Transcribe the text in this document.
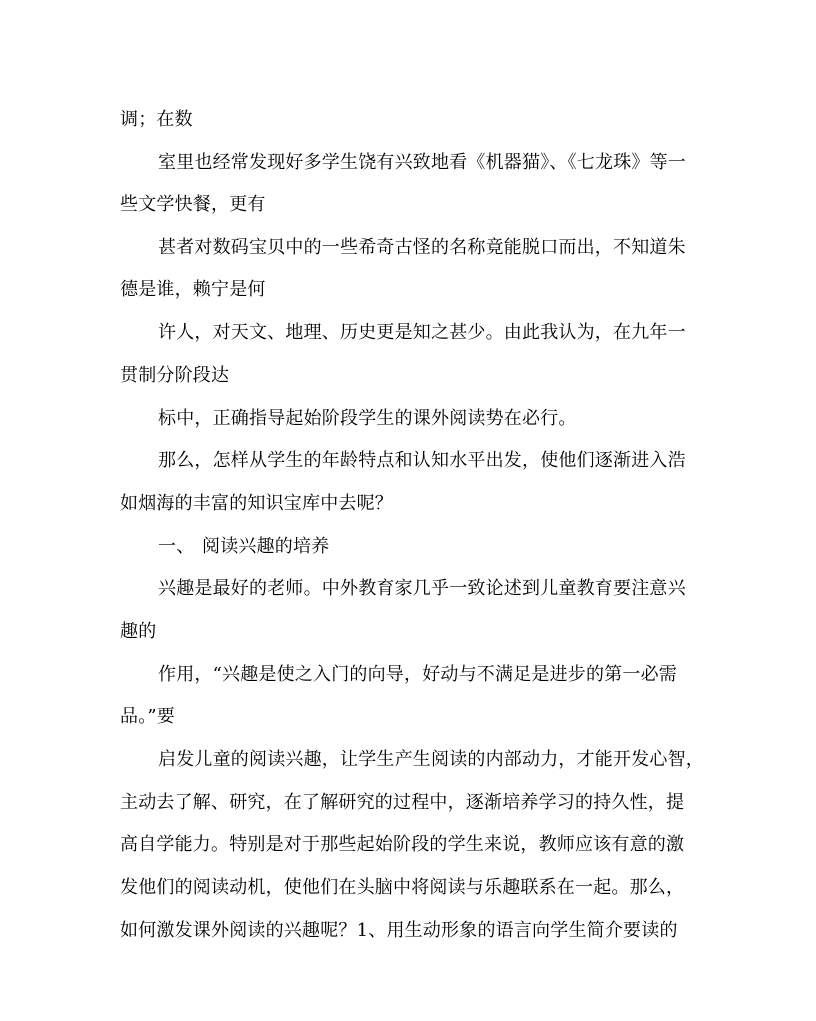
调；在数
室里也经常发现好多学生饶有兴致地看《机器猫》、《七龙珠》等一
些文学快餐，更有
甚者对数码宝贝中的一些希奇古怪的名称竟能脱口而出，不知道朱
德是谁，赖宁是何
许人，对天文、地理、历史更是知之甚少。由此我认为，在九年一
贯制分阶段达
标中，正确指导起始阶段学生的课外阅读势在必行。
那么，怎样从学生的年龄特点和认知水平出发，使他们逐渐进入浩
如烟海的丰富的知识宝库中去呢？
一、 阅读兴趣的培养
兴趣是最好的老师。中外教育家几乎一致论述到儿童教育要注意兴
趣的
作用，“兴趣是使之入门的向导，好动与不满足是进步的第一必需
品。”要
启发儿童的阅读兴趣，让学生产生阅读的内部动力，才能开发心智，
主动去了解、研究，在了解研究的过程中，逐渐培养学习的持久性，提
高自学能力。特别是对于那些起始阶段的学生来说，教师应该有意的激
发他们的阅读动机，使他们在头脑中将阅读与乐趣联系在一起。那么，
如何激发课外阅读的兴趣呢？1、用生动形象的语言向学生简介要读的
